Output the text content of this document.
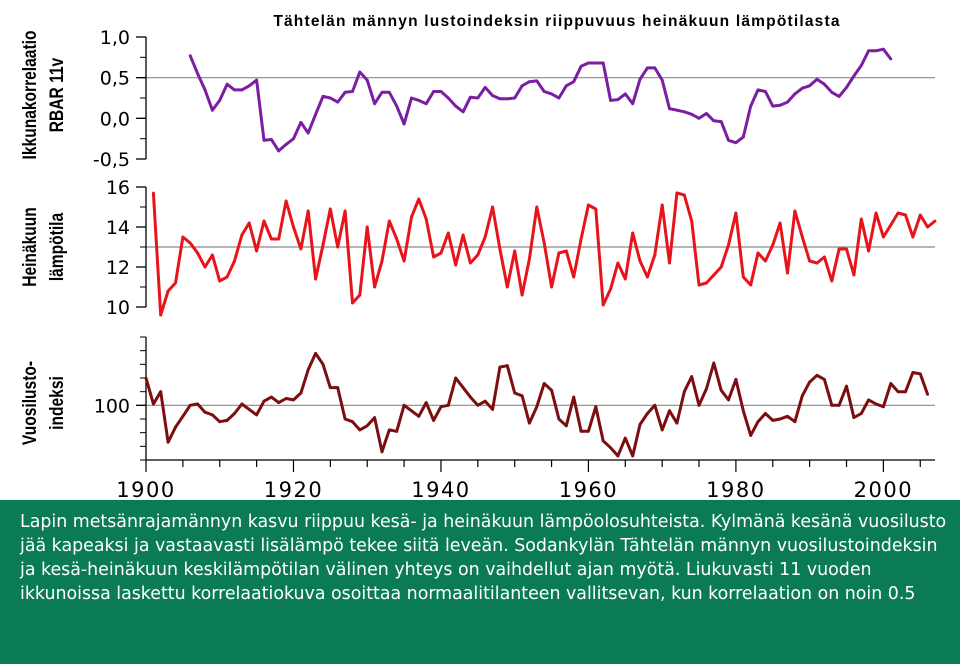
Tähtelän männyn lustoindeksin riippuvuus heinäkuun lämpötilasta
1,0
0,5
0,0
-0,5
Ikkunakorrelaatio RBAR 11v
16
14
12
10
Heinäkuun lämpötila
100
Vuosilusto- indeksi
1900	1920	1940	1960	1980	2000
Lapin metsänrajamännyn kasvu riippuu kesä- ja heinäkuun lämpöolosuhteista. Kylmänä kesänä vuosilusto jää kapeaksi ja vastaavasti lisälämpö tekee siitä leveän. Sodankylän Tähtelän männyn vuosilustoindeksin ja kesä-heinäkuun keskilämpötilan välinen yhteys on vaihdellut ajan myötä. Liukuvasti 11 vuoden ikkunoissa laskettu korrelaatiokuva osoittaa normaalitilanteen vallitsevan, kun korrelaation on noin 0.5
